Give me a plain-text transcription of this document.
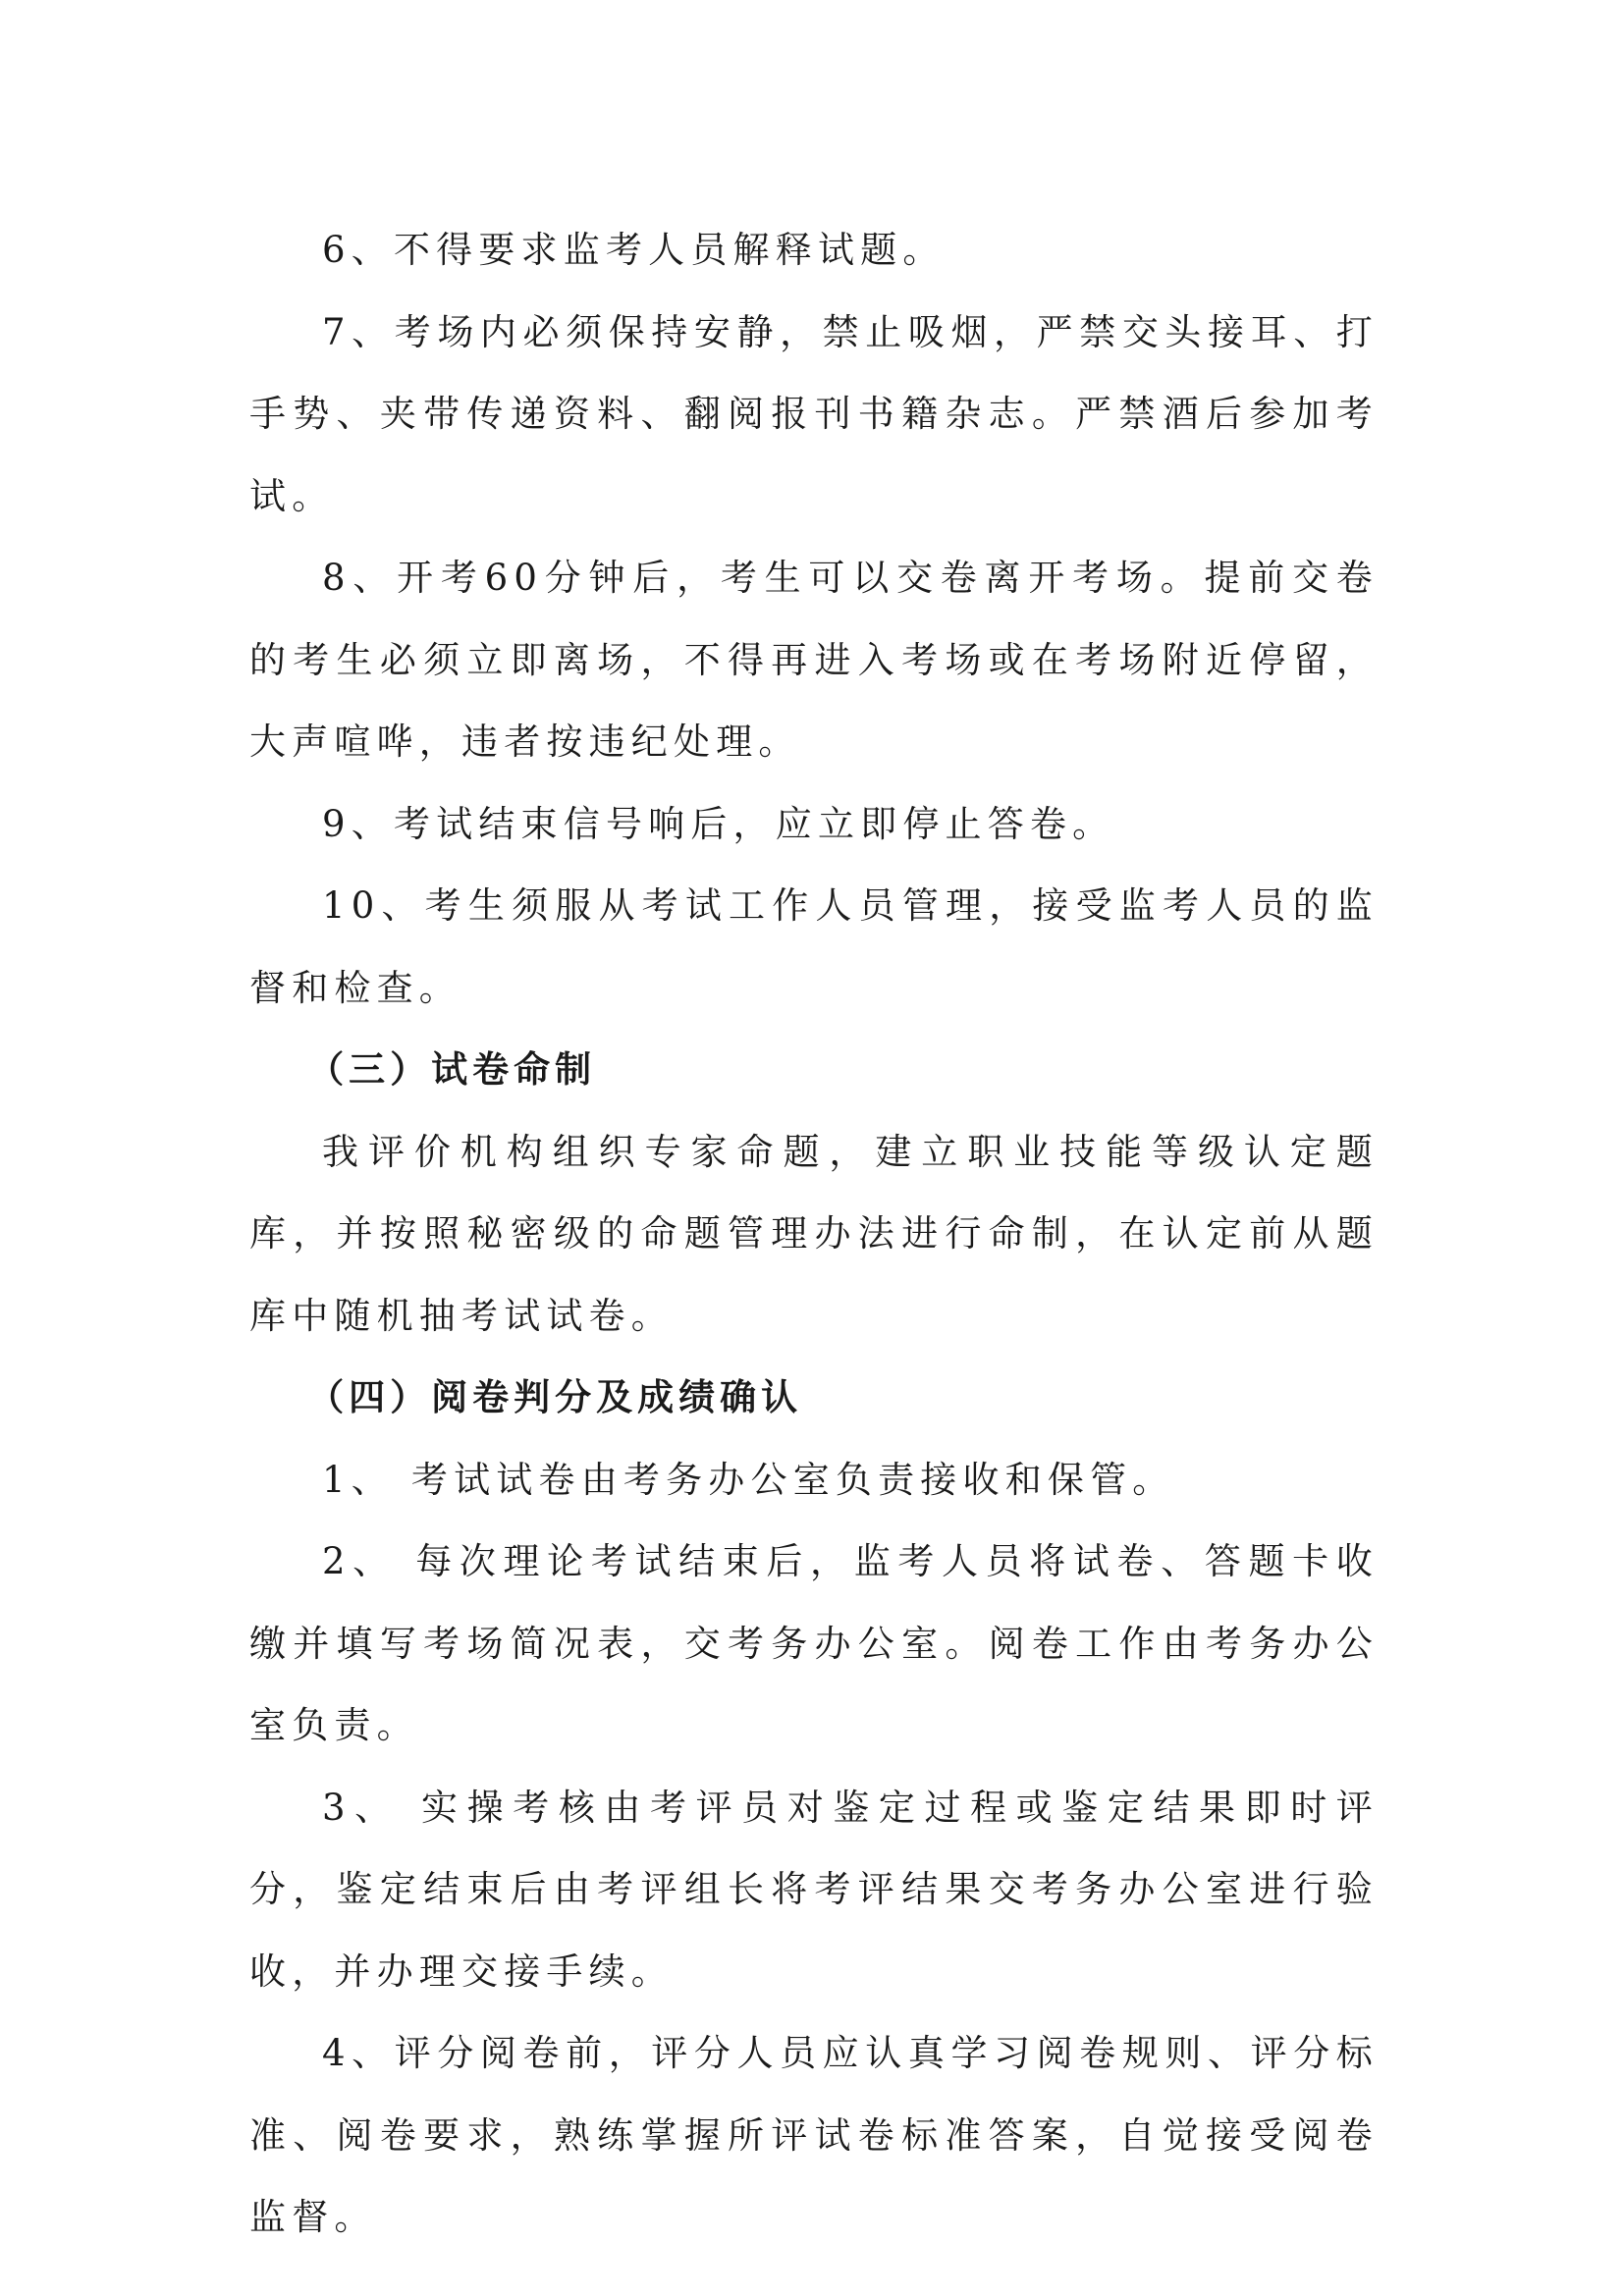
6、不得要求监考人员解释试题。

7、考场内必须保持安静，禁止吸烟，严禁交头接耳、打手势、夹带传递资料、翻阅报刊书籍杂志。严禁酒后参加考试。

8、开考60分钟后，考生可以交卷离开考场。提前交卷的考生必须立即离场，不得再进入考场或在考场附近停留，大声喧哗，违者按违纪处理。

9、考试结束信号响后，应立即停止答卷。

10、考生须服从考试工作人员管理，接受监考人员的监督和检查。

（三）试卷命制

我评价机构组织专家命题，建立职业技能等级认定题库，并按照秘密级的命题管理办法进行命制，在认定前从题库中随机抽考试试卷。

（四）阅卷判分及成绩确认

1、 考试试卷由考务办公室负责接收和保管。

2、 每次理论考试结束后，监考人员将试卷、答题卡收缴并填写考场简况表，交考务办公室。阅卷工作由考务办公室负责。

3、 实操考核由考评员对鉴定过程或鉴定结果即时评分，鉴定结束后由考评组长将考评结果交考务办公室进行验收，并办理交接手续。

4、评分阅卷前，评分人员应认真学习阅卷规则、评分标准、阅卷要求，熟练掌握所评试卷标准答案，自觉接受阅卷监督。
